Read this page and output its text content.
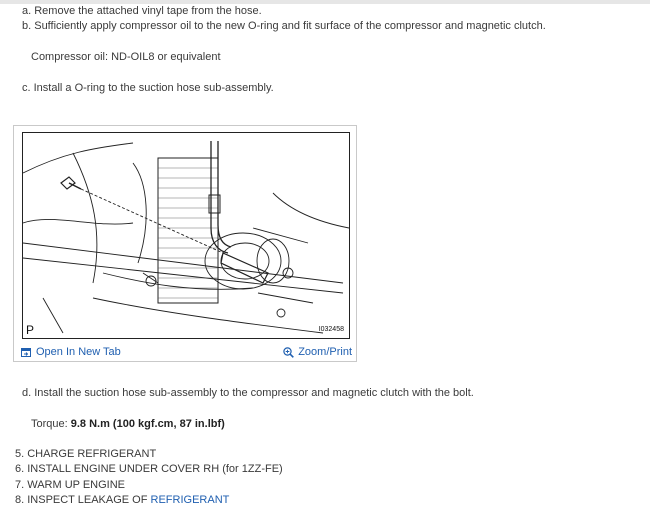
a. Remove the attached vinyl tape from the hose.
b. Sufficiently apply compressor oil to the new O-ring and fit surface of the compressor and magnetic clutch.
Compressor oil: ND-OIL8 or equivalent
c. Install a O-ring to the suction hose sub-assembly.
P	I032458
Open In New Tab	Zoom/Print
d. Install the suction hose sub-assembly to the compressor and magnetic clutch with the bolt.
Torque: 9.8 N.m (100 kgf.cm, 87 in.lbf)
5. CHARGE REFRIGERANT
6. INSTALL ENGINE UNDER COVER RH (for 1ZZ-FE)
7. WARM UP ENGINE
8. INSPECT LEAKAGE OF REFRIGERANT
